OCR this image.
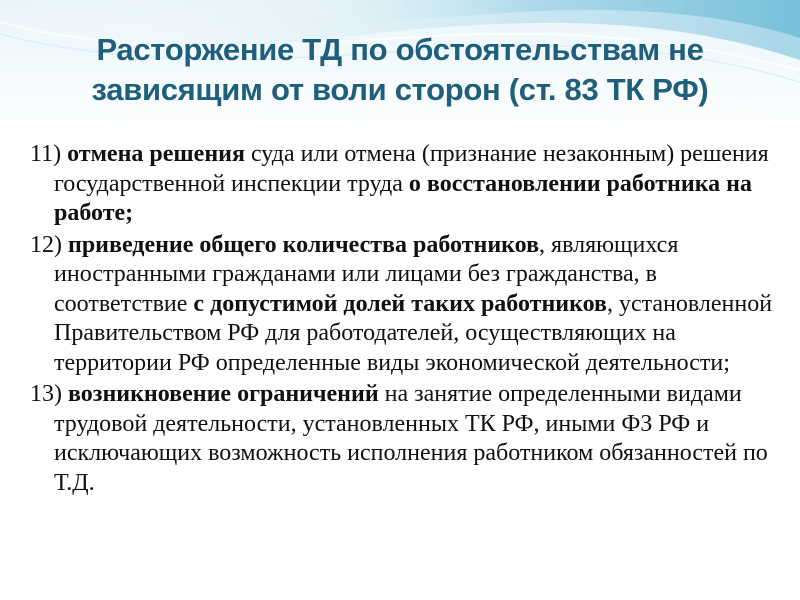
Расторжение ТД по обстоятельствам не
зависящим от воли сторон (ст. 83 ТК РФ)
11) отмена решения суда или отмена (признание незаконным) решения государственной инспекции труда о восстановлении работника на работе;
12) приведение общего количества работников, являющихся иностранными гражданами или лицами без гражданства, в соответствие с допустимой долей таких работников, установленной Правительством РФ для работодателей, осуществляющих на территории РФ определенные виды экономической деятельности;
13) возникновение ограничений на занятие определенными видами трудовой деятельности, установленных ТК РФ, иными ФЗ РФ и исключающих возможность исполнения работником обязанностей по Т.Д.
